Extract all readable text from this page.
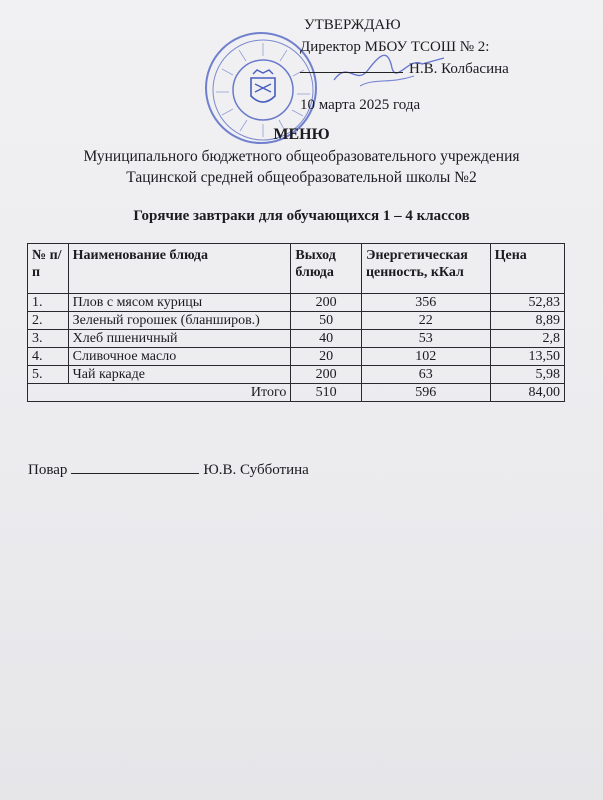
УТВЕРЖДАЮ
Директор МБОУ ТСОШ № 2:
Н.В. Колбасина
10 марта 2025 года
МЕНЮ
Муниципального бюджетного общеобразовательного учреждения
Тацинской средней общеобразовательной школы №2
Горячие завтраки для обучающихся 1 – 4 классов
№ п/п	Наименование блюда	Выход блюда	Энергетическая ценность, кКал	Цена
1.	Плов с мясом курицы	200	356	52,83
2.	Зеленый горошек (бланширов.)	50	22	8,89
3.	Хлеб пшеничный	40	53	2,8
4.	Сливочное масло	20	102	13,50
5.	Чай каркаде	200	63	5,98
Итого		510	596	84,00
Повар	Ю.В. Субботина
